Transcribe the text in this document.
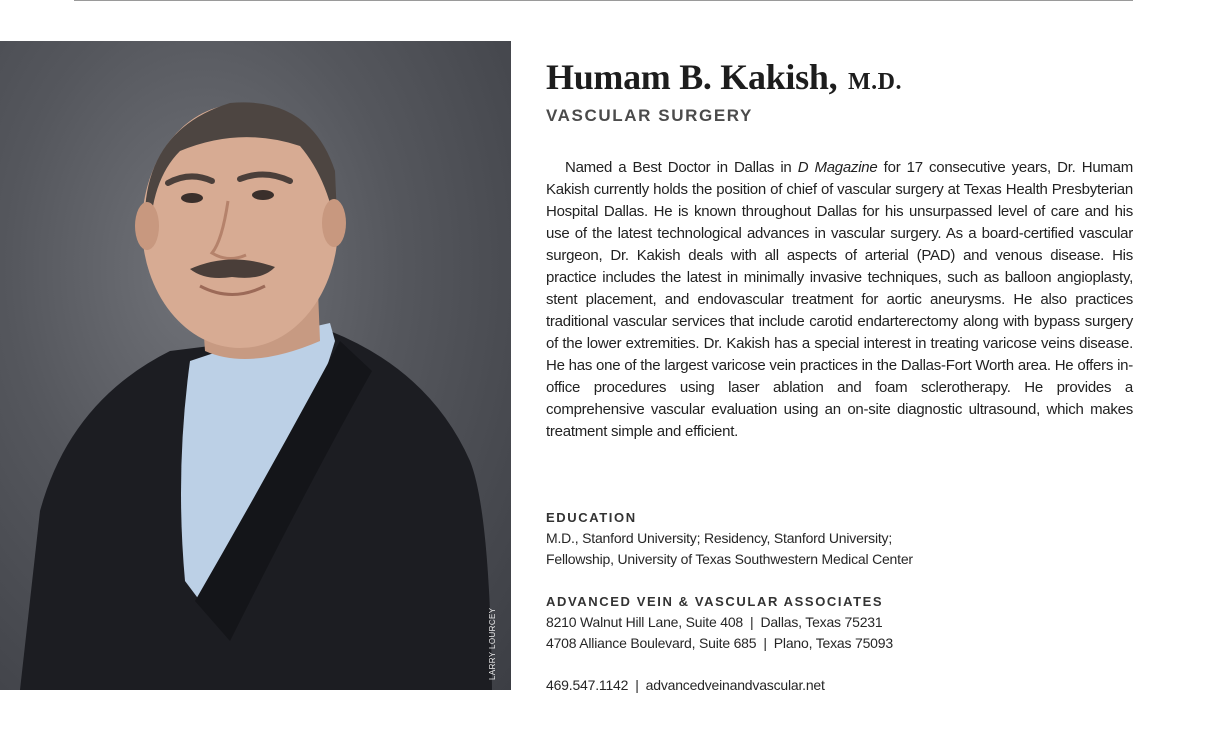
LARRY LOURCEY
Humam B. Kakish, M.D.

VASCULAR SURGERY

Named a Best Doctor in Dallas in D Magazine for 17 consecutive years, Dr. Humam Kakish currently holds the position of chief of vascular surgery at Texas Health Presbyterian Hospital Dallas. He is known throughout Dallas for his unsurpassed level of care and his use of the latest technological advances in vascular surgery. As a board-certified vascular surgeon, Dr. Kakish deals with all aspects of arterial (PAD) and venous disease. His practice includes the latest in minimally invasive techniques, such as balloon angioplasty, stent placement, and endovascular treatment for aortic aneurysms. He also practices traditional vascular services that include carotid endarterectomy along with bypass surgery of the lower extremities. Dr. Kakish has a special interest in treating varicose veins disease. He has one of the largest varicose vein practices in the Dallas-Fort Worth area. He offers in-office procedures using laser ablation and foam sclerotherapy. He provides a comprehensive vascular evaluation using an on-site diagnostic ultrasound, which makes treatment simple and efficient.

EDUCATION

M.D., Stanford University; Residency, Stanford University;

Fellowship, University of Texas Southwestern Medical Center

ADVANCED VEIN & VASCULAR ASSOCIATES

8210 Walnut Hill Lane, Suite 408 | Dallas, Texas 75231

4708 Alliance Boulevard, Suite 685 | Plano, Texas 75093

469.547.1142 | advancedveinandvascular.net
